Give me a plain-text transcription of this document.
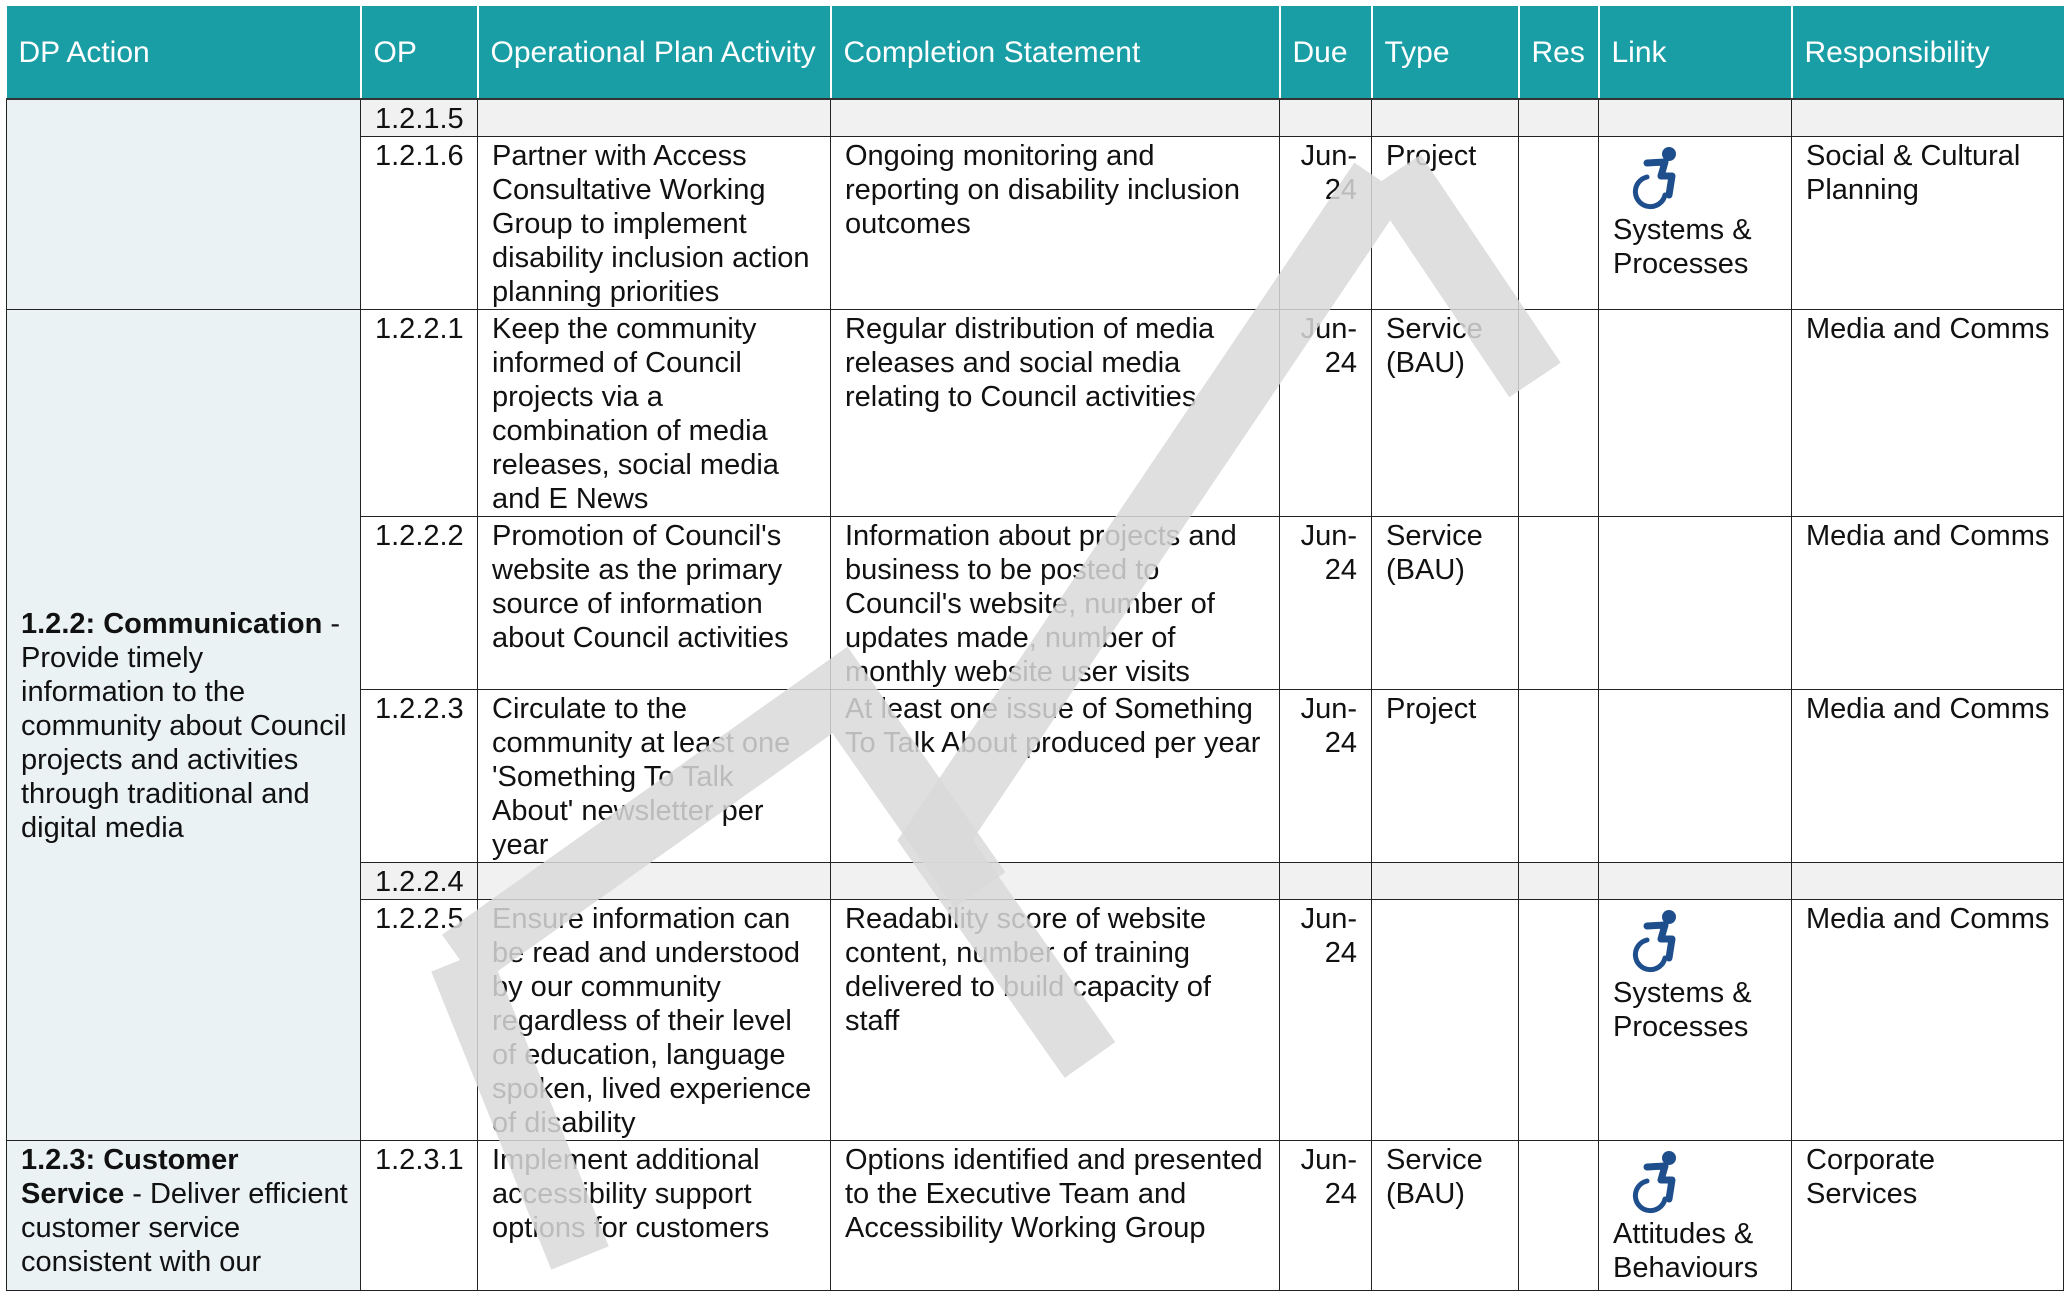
DP Action	OP	Operational Plan Activity	Completion Statement	Due	Type	Res	Link	Responsibility
	1.2.1.5							
	1.2.1.6	Partner with Access Consultative Working Group to implement disability inclusion action planning priorities	Ongoing monitoring and reporting on disability inclusion outcomes	Jun-24	Project		Systems & Processes	Social & Cultural Planning
1.2.2: Communication - Provide timely information to the community about Council projects and activities through traditional and digital media	1.2.2.1	Keep the community informed of Council projects via a combination of media releases, social media and E News	Regular distribution of media releases and social media relating to Council activities	Jun-24	Service (BAU)			Media and Comms
	1.2.2.2	Promotion of Council's website as the primary source of information about Council activities	Information about projects and business to be posted to Council's website, number of updates made, number of monthly website user visits	Jun-24	Service (BAU)			Media and Comms
	1.2.2.3	Circulate to the community at least one 'Something To Talk About' newsletter per year	At least one issue of Something To Talk About produced per year	Jun-24	Project			Media and Comms
	1.2.2.4							
	1.2.2.5	Ensure information can be read and understood by our community regardless of their level of education, language spoken, lived experience of disability	Readability score of website content, number of training delivered to build capacity of staff	Jun-24			Systems & Processes	Media and Comms
1.2.3: Customer Service - Deliver efficient customer service consistent with our	1.2.3.1	Implement additional accessibility support options for customers	Options identified and presented to the Executive Team and Accessibility Working Group	Jun-24	Service (BAU)		Attitudes & Behaviours	Corporate Services
